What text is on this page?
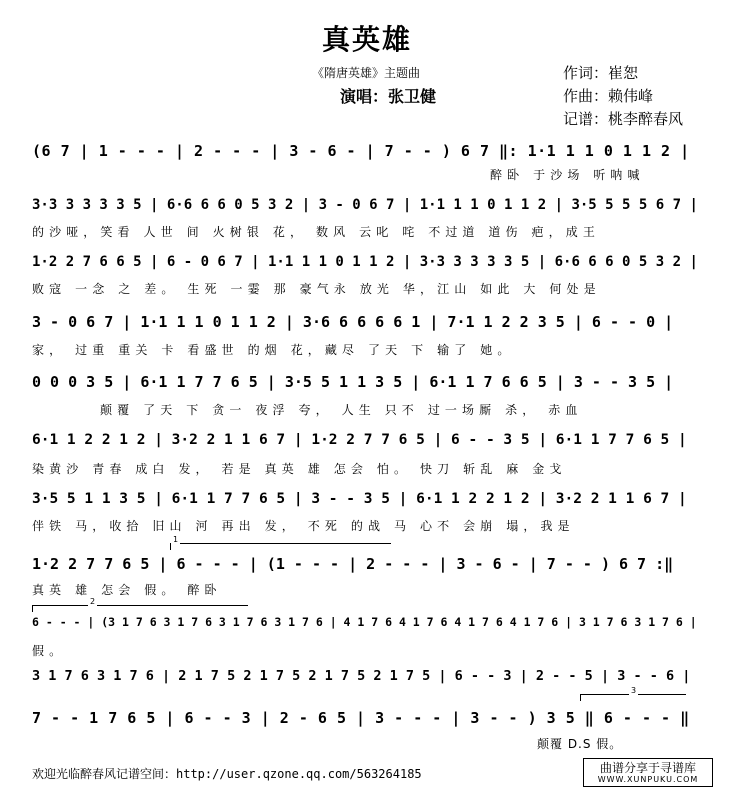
真英雄
《隋唐英雄》主题曲
演唱：张卫健
作词：崔恕
作曲：赖伟峰
记谱：桃李醉春风
(6 7 | 1 - - - | 2 - - - | 3 - 6 - | 7 - - ) 6 7 ‖: 1·1 1 1 0 1 1 2 |
醉卧 于沙场 听呐喊
3·3 3 3 3 3 5 | 6·6 6 6 0 5 3 2 | 3 - 0 6 7 | 1·1 1 1 0 1 1 2 | 3·5 5 5 5 6 7 |
的沙哑，笑看 人世 间 火树银 花， 数风 云叱 咤 不过道 道伤 疤，成王
1·2 2 7 6 6 5 | 6 - 0 6 7 | 1·1 1 1 0 1 1 2 | 3·3 3 3 3 3 5 | 6·6 6 6 0 5 3 2 |
败寇 一念 之 差。 生死 一霎 那 豪气永 放光 华，江山 如此 大 何处是
3 - 0 6 7 | 1·1 1 1 0 1 1 2 | 3·6 6 6 6 6 1 | 7·1 1 2 2 3 5 | 6 - - 0 |
家， 过重 重关 卡 看盛世 的烟 花，藏尽 了天 下 输了 她。
0 0 0 3 5 | 6·1 1 7 7 6 5 | 3·5 5 1 1 3 5 | 6·1 1 7 6 6 5 | 3 - - 3 5 |
颠覆 了天 下 贪一 夜浮 夸， 人生 只不 过一场厮 杀， 赤血
6·1 1 2 2 1 2 | 3·2 2 1 1 6 7 | 1·2 2 7 7 6 5 | 6 - - 3 5 | 6·1 1 7 7 6 5 |
染黄沙 青春 成白 发， 若是 真英 雄 怎会 怕。 快刀 斩乱 麻 金戈
3·5 5 1 1 3 5 | 6·1 1 7 7 6 5 | 3 - - 3 5 | 6·1 1 2 2 1 2 | 3·2 2 1 1 6 7 |
伴铁 马，收拾 旧山 河 再出 发， 不死 的战 马 心不 会崩 塌，我是
1
1·2 2 7 7 6 5 | 6 - - - | (1 - - - | 2 - - - | 3 - 6 - | 7 - - ) 6 7 :‖
真英 雄 怎会 假。 醉卧
2
6 - - - | (3 1 7 6 3 1 7 6 3 1 7 6 3 1 7 6 | 4 1 7 6 4 1 7 6 4 1 7 6 4 1 7 6 | 3 1 7 6 3 1 7 6 |
假。
3 1 7 6 3 1 7 6 | 2 1 7 5 2 1 7 5 2 1 7 5 2 1 7 5 | 6 - - 3 | 2 - - 5 | 3 - - 6 |
3
7 - - 1 7 6 5 | 6 - - 3 | 2 - 6 5 | 3 - - - | 3 - - ) 3 5 ‖ 6 - - - ‖
颠覆 D.S 假。
欢迎光临醉春风记谱空间：http://user.qzone.qq.com/563264185	曲谱分享于寻谱库
WWW.XUNPUKU.COM
